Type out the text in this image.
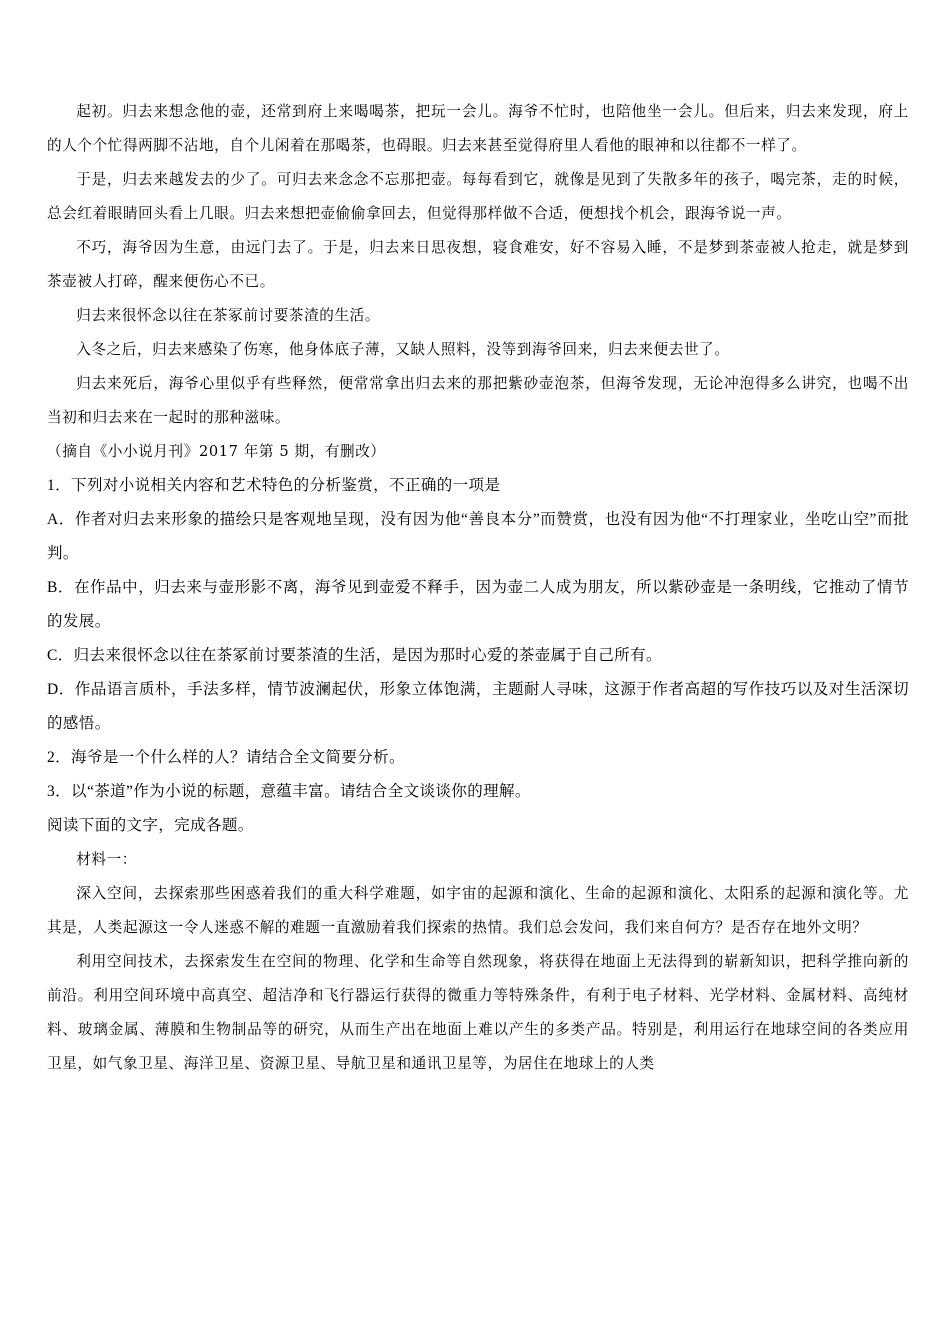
起初。归去来想念他的壶，还常到府上来喝喝茶，把玩一会儿。海爷不忙时，也陪他坐一会儿。但后来，归去来发现，府上的人个个忙得两脚不沾地，自个儿闲着在那喝茶，也碍眼。归去来甚至觉得府里人看他的眼神和以往都不一样了。

于是，归去来越发去的少了。可归去来念念不忘那把壶。每每看到它，就像是见到了失散多年的孩子，喝完茶，走的时候，总会红着眼睛回头看上几眼。归去来想把壶偷偷拿回去，但觉得那样做不合适，便想找个机会，跟海爷说一声。

不巧，海爷因为生意，由远门去了。于是，归去来日思夜想，寝食难安，好不容易入睡，不是梦到茶壶被人抢走，就是梦到茶壶被人打碎，醒来便伤心不已。

归去来很怀念以往在茶冢前讨要茶渣的生活。

入冬之后，归去来感染了伤寒，他身体底子薄，又缺人照料，没等到海爷回来，归去来便去世了。

归去来死后，海爷心里似乎有些释然，便常常拿出归去来的那把紫砂壶泡茶，但海爷发现，无论冲泡得多么讲究，也喝不出当初和归去来在一起时的那种滋味。

（摘自《小小说月刊》2017 年第 5 期，有删改）

1．下列对小说相关内容和艺术特色的分析鉴赏，不正确的一项是

A．作者对归去来形象的描绘只是客观地呈现，没有因为他“善良本分”而赞赏，也没有因为他“不打理家业，坐吃山空”而批判。

B．在作品中，归去来与壶形影不离，海爷见到壶爱不释手，因为壶二人成为朋友，所以紫砂壶是一条明线，它推动了情节的发展。

C．归去来很怀念以往在茶冢前讨要茶渣的生活，是因为那时心爱的茶壶属于自己所有。

D．作品语言质朴，手法多样，情节波澜起伏，形象立体饱满，主题耐人寻味，这源于作者高超的写作技巧以及对生活深切的感悟。

2．海爷是一个什么样的人？请结合全文简要分析。

3．以“茶道”作为小说的标题，意蕴丰富。请结合全文谈谈你的理解。

阅读下面的文字，完成各题。

材料一：

深入空间，去探索那些困惑着我们的重大科学难题，如宇宙的起源和演化、生命的起源和演化、太阳系的起源和演化等。尤其是，人类起源这一令人迷惑不解的难题一直激励着我们探索的热情。我们总会发问，我们来自何方？是否存在地外文明？

利用空间技术，去探索发生在空间的物理、化学和生命等自然现象，将获得在地面上无法得到的崭新知识，把科学推向新的前沿。利用空间环境中高真空、超洁净和飞行器运行获得的微重力等特殊条件，有利于电子材料、光学材料、金属材料、高纯材料、玻璃金属、薄膜和生物制品等的研究，从而生产出在地面上难以产生的多类产品。特别是，利用运行在地球空间的各类应用卫星，如气象卫星、海洋卫星、资源卫星、导航卫星和通讯卫星等，为居住在地球上的人类
